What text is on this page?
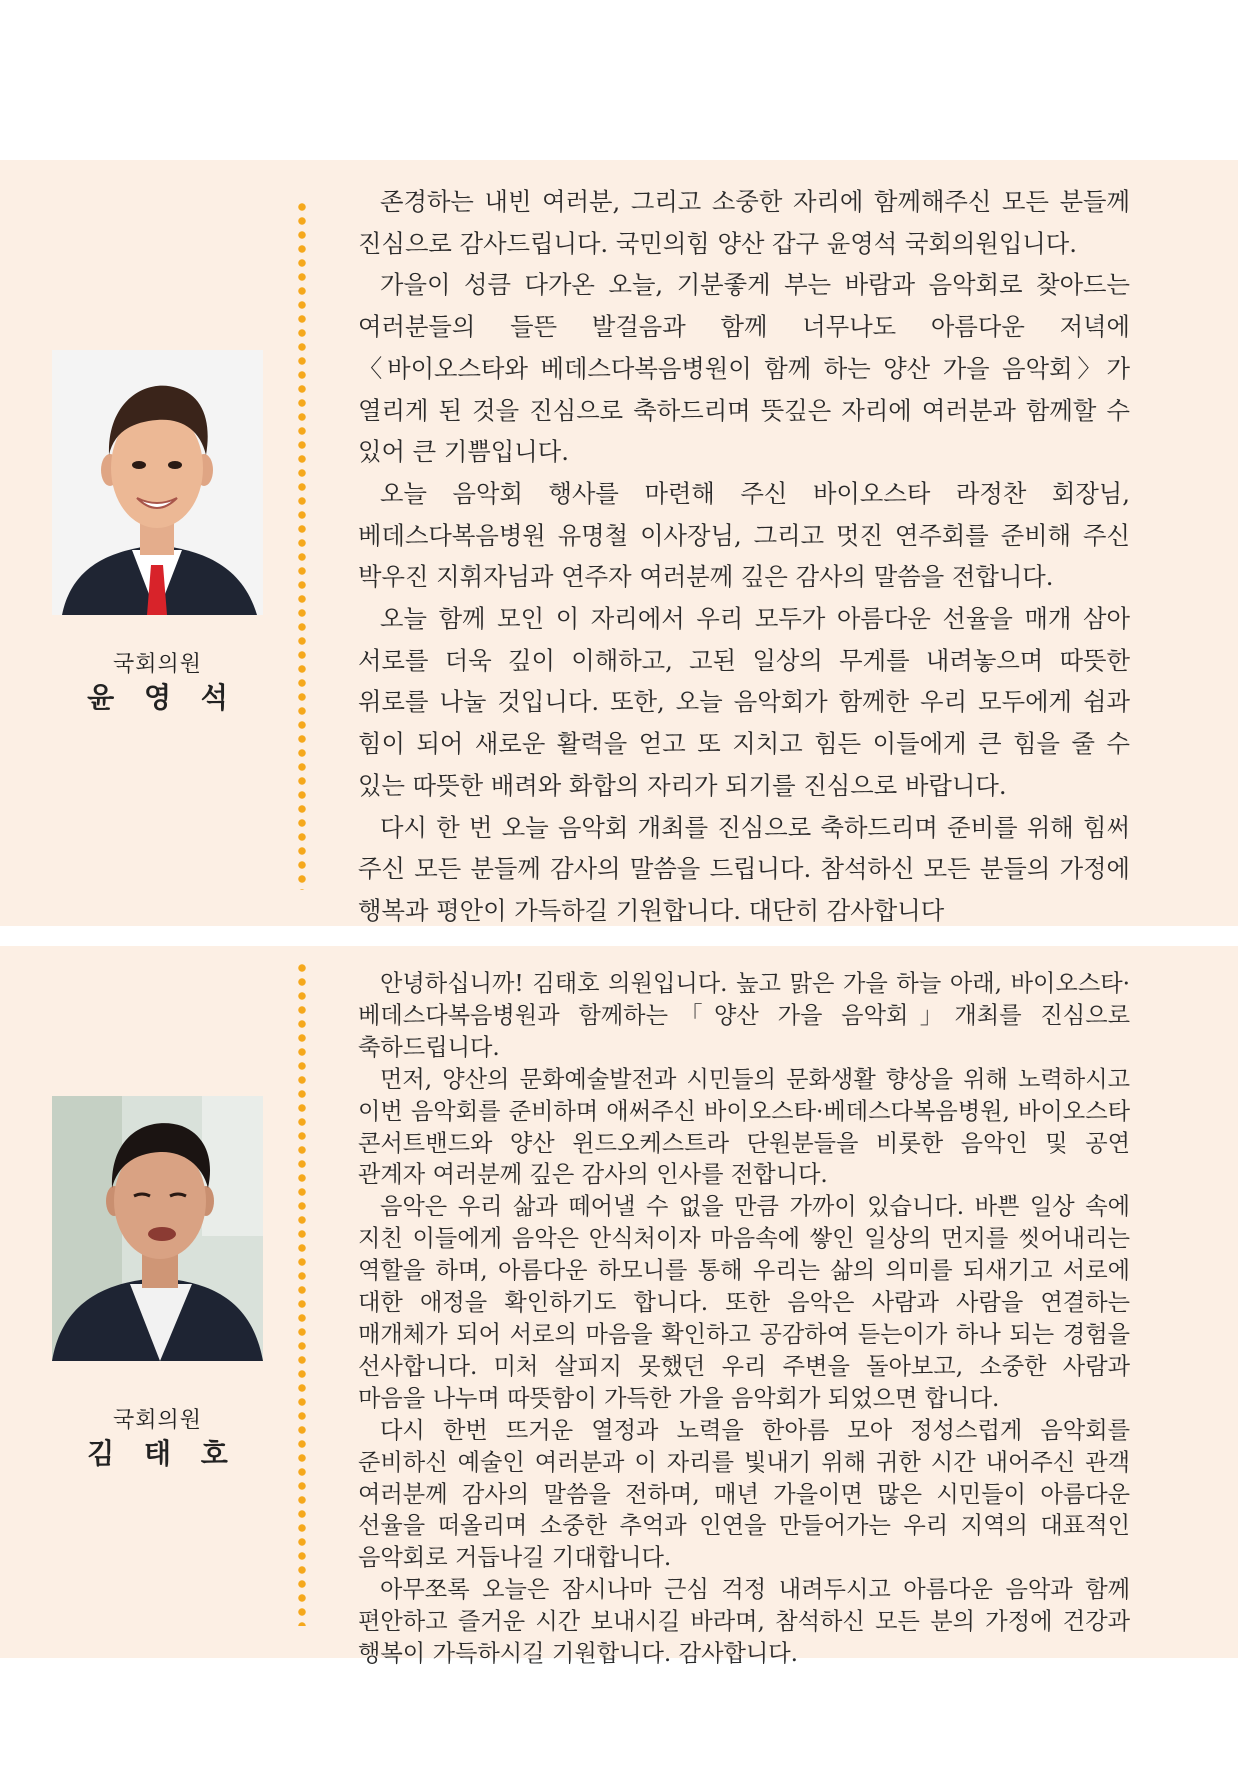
국회의원
윤 영 석

존경하는 내빈 여러분, 그리고 소중한 자리에 함께해주신 모든 분들께 진심으로 감사드립니다. 국민의힘 양산 갑구 윤영석 국회의원입니다.

가을이 성큼 다가온 오늘, 기분좋게 부는 바람과 음악회로 찾아드는 여러분들의 들뜬 발걸음과 함께 너무나도 아름다운 저녁에 〈바이오스타와 베데스다복음병원이 함께 하는 양산 가을 음악회〉가 열리게 된 것을 진심으로 축하드리며 뜻깊은 자리에 여러분과 함께할 수 있어 큰 기쁨입니다.

오늘 음악회 행사를 마련해 주신 바이오스타 라정찬 회장님, 베데스다복음병원 유명철 이사장님, 그리고 멋진 연주회를 준비해 주신 박우진 지휘자님과 연주자 여러분께 깊은 감사의 말씀을 전합니다.

오늘 함께 모인 이 자리에서 우리 모두가 아름다운 선율을 매개 삼아 서로를 더욱 깊이 이해하고, 고된 일상의 무게를 내려놓으며 따뜻한 위로를 나눌 것입니다. 또한, 오늘 음악회가 함께한 우리 모두에게 쉼과 힘이 되어 새로운 활력을 얻고 또 지치고 힘든 이들에게 큰 힘을 줄 수 있는 따뜻한 배려와 화합의 자리가 되기를 진심으로 바랍니다.

다시 한 번 오늘 음악회 개최를 진심으로 축하드리며 준비를 위해 힘써 주신 모든 분들께 감사의 말씀을 드립니다. 참석하신 모든 분들의 가정에 행복과 평안이 가득하길 기원합니다. 대단히 감사합니다

국회의원
김 태 호

안녕하십니까! 김태호 의원입니다. 높고 맑은 가을 하늘 아래, 바이오스타·베데스다복음병원과 함께하는「양산 가을 음악회」개최를 진심으로 축하드립니다.

먼저, 양산의 문화예술발전과 시민들의 문화생활 향상을 위해 노력하시고 이번 음악회를 준비하며 애써주신 바이오스타·베데스다복음병원, 바이오스타 콘서트밴드와 양산 윈드오케스트라 단원분들을 비롯한 음악인 및 공연 관계자 여러분께 깊은 감사의 인사를 전합니다.

음악은 우리 삶과 떼어낼 수 없을 만큼 가까이 있습니다. 바쁜 일상 속에 지친 이들에게 음악은 안식처이자 마음속에 쌓인 일상의 먼지를 씻어내리는 역할을 하며, 아름다운 하모니를 통해 우리는 삶의 의미를 되새기고 서로에 대한 애정을 확인하기도 합니다. 또한 음악은 사람과 사람을 연결하는 매개체가 되어 서로의 마음을 확인하고 공감하여 듣는이가 하나 되는 경험을 선사합니다. 미처 살피지 못했던 우리 주변을 돌아보고, 소중한 사람과 마음을 나누며 따뜻함이 가득한 가을 음악회가 되었으면 합니다.

다시 한번 뜨거운 열정과 노력을 한아름 모아 정성스럽게 음악회를 준비하신 예술인 여러분과 이 자리를 빛내기 위해 귀한 시간 내어주신 관객 여러분께 감사의 말씀을 전하며, 매년 가을이면 많은 시민들이 아름다운 선율을 떠올리며 소중한 추억과 인연을 만들어가는 우리 지역의 대표적인 음악회로 거듭나길 기대합니다.

아무쪼록 오늘은 잠시나마 근심 걱정 내려두시고 아름다운 음악과 함께 편안하고 즐거운 시간 보내시길 바라며, 참석하신 모든 분의 가정에 건강과 행복이 가득하시길 기원합니다. 감사합니다.
